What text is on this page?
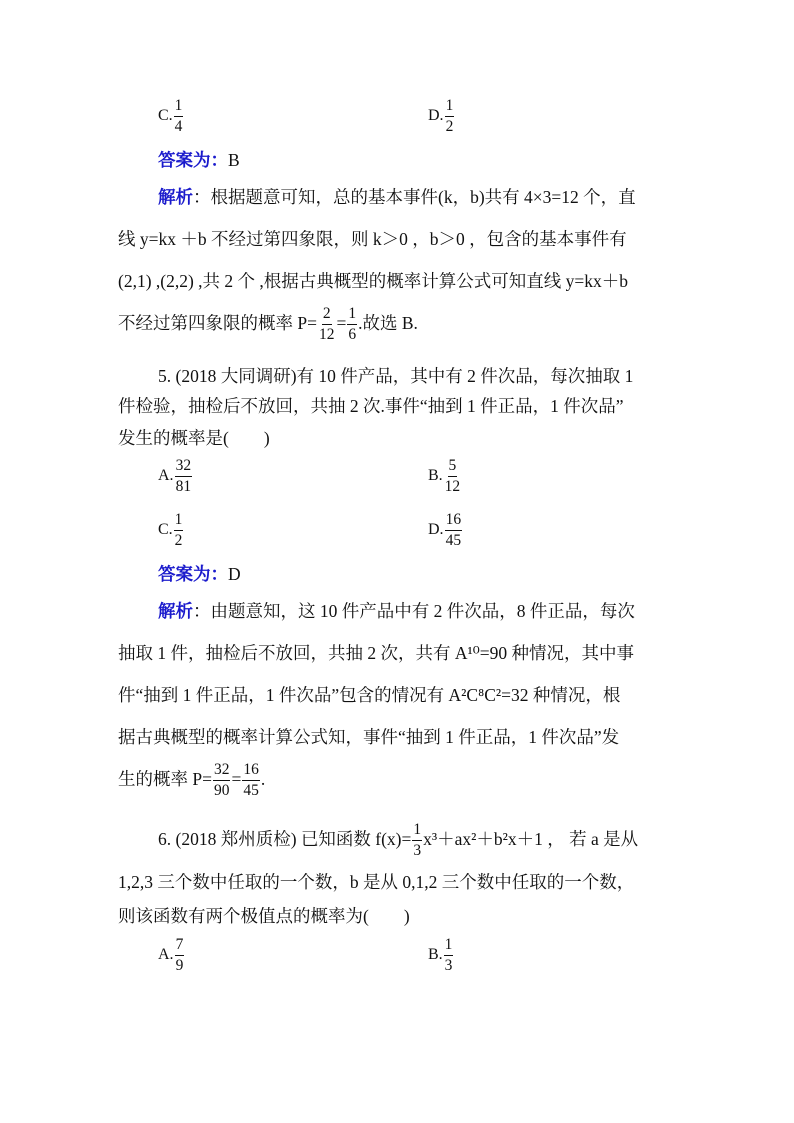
C. $\frac{1}{4}$	D. $\frac{1}{2}$
答案为：B
解析：根据题意可知，总的基本事件(k，b)共有 4×3=12 个，直
线 y=kx ＋b 不经过第四象限，则 k＞0 ，b＞0 ，包含的基本事件有
(2,1) ,(2,2) ,共 2 个 ,根据古典概型的概率计算公式可知直线 y=kx＋b
不经过第四象限的概率 $P= \frac{2}{12} = \frac{1}{6}$ .故选 B.
5. (2018 大同调研)有 10 件产品，其中有 2 件次品，每次抽取 1
件检验，抽检后不放回，共抽 2 次.事件“抽到 1 件正品，1 件次品”
发生的概率是(　　)
A. $\frac{32}{81}$	B. $\frac{5}{12}$
C. $\frac{1}{2}$	D. $\frac{16}{45}$
答案为：D
解析：由题意知，这 10 件产品中有 2 件次品，8 件正品，每次
抽取 1 件，抽检后不放回，共抽 2 次，共有 A¹⁰=90 种情况，其中事
件“抽到 1 件正品，1 件次品”包含的情况有 A²C⁸C²=32 种情况，根
据古典概型的概率计算公式知，事件“抽到 1 件正品，1 件次品”发
生的概率 $P= \frac{32}{90} = \frac{16}{45}$ .
6. (2018 郑州质检) 已知函数 $f(x)= \frac{1}{3} x^3+ax^2+b^2x+1$ ， 若 a 是从
1,2,3 三个数中任取的一个数，b 是从 0,1,2 三个数中任取的一个数，
则该函数有两个极值点的概率为(　　)
A. $\frac{7}{9}$	B. $\frac{1}{3}$
